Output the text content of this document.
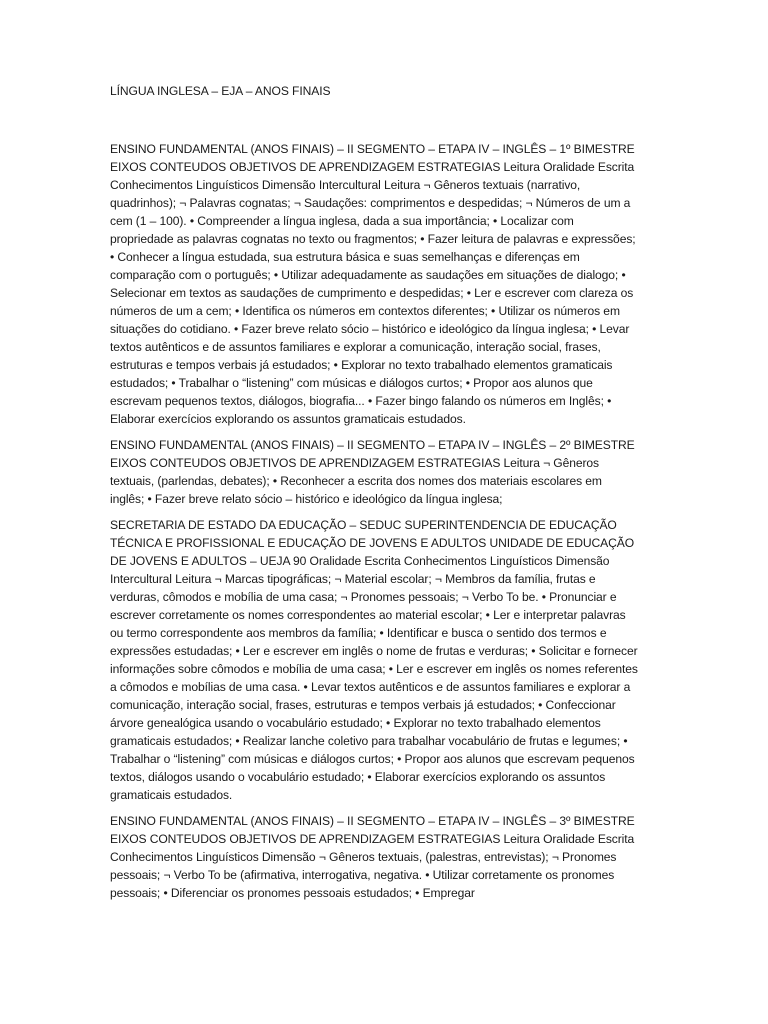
LÍNGUA INGLESA – EJA – ANOS FINAIS

ENSINO FUNDAMENTAL (ANOS FINAIS) – II SEGMENTO – ETAPA IV – INGLÊS – 1º BIMESTRE EIXOS CONTEUDOS OBJETIVOS DE APRENDIZAGEM ESTRATEGIAS Leitura Oralidade Escrita Conhecimentos Linguísticos Dimensão Intercultural Leitura ¬ Gêneros textuais (narrativo, quadrinhos); ¬ Palavras cognatas; ¬ Saudações: comprimentos e despedidas; ¬ Números de um a cem (1 – 100). • Compreender a língua inglesa, dada a sua importância; • Localizar com propriedade as palavras cognatas no texto ou fragmentos; • Fazer leitura de palavras e expressões; • Conhecer a língua estudada, sua estrutura básica e suas semelhanças e diferenças em comparação com o português; • Utilizar adequadamente as saudações em situações de dialogo; • Selecionar em textos as saudações de cumprimento e despedidas; • Ler e escrever com clareza os números de um a cem; • Identifica os números em contextos diferentes; • Utilizar os números em situações do cotidiano. • Fazer breve relato sócio – histórico e ideológico da língua inglesa; • Levar textos autênticos e de assuntos familiares e explorar a comunicação, interação social, frases, estruturas e tempos verbais já estudados; • Explorar no texto trabalhado elementos gramaticais estudados; • Trabalhar o “listening” com músicas e diálogos curtos; • Propor aos alunos que escrevam pequenos textos, diálogos, biografia... • Fazer bingo falando os números em Inglês; • Elaborar exercícios explorando os assuntos gramaticais estudados.

ENSINO FUNDAMENTAL (ANOS FINAIS) – II SEGMENTO – ETAPA IV – INGLÊS – 2º BIMESTRE EIXOS CONTEUDOS OBJETIVOS DE APRENDIZAGEM ESTRATEGIAS Leitura ¬ Gêneros textuais, (parlendas, debates); • Reconhecer a escrita dos nomes dos materiais escolares em inglês; • Fazer breve relato sócio – histórico e ideológico da língua inglesa;

SECRETARIA DE ESTADO DA EDUCAÇÃO – SEDUC SUPERINTENDENCIA DE EDUCAÇÃO TÉCNICA E PROFISSIONAL E EDUCAÇÃO DE JOVENS E ADULTOS UNIDADE DE EDUCAÇÃO DE JOVENS E ADULTOS – UEJA 90 Oralidade Escrita Conhecimentos Linguísticos Dimensão Intercultural Leitura ¬ Marcas tipográficas; ¬ Material escolar; ¬ Membros da família, frutas e verduras, cômodos e mobília de uma casa; ¬ Pronomes pessoais; ¬ Verbo To be. • Pronunciar e escrever corretamente os nomes correspondentes ao material escolar; • Ler e interpretar palavras ou termo correspondente aos membros da família; • Identificar e busca o sentido dos termos e expressões estudadas; • Ler e escrever em inglês o nome de frutas e verduras; • Solicitar e fornecer informações sobre cômodos e mobília de uma casa; • Ler e escrever em inglês os nomes referentes a cômodos e mobílias de uma casa. • Levar textos autênticos e de assuntos familiares e explorar a comunicação, interação social, frases, estruturas e tempos verbais já estudados; • Confeccionar árvore genealógica usando o vocabulário estudado; • Explorar no texto trabalhado elementos gramaticais estudados; • Realizar lanche coletivo para trabalhar vocabulário de frutas e legumes; • Trabalhar o “listening” com músicas e diálogos curtos; • Propor aos alunos que escrevam pequenos textos, diálogos usando o vocabulário estudado; • Elaborar exercícios explorando os assuntos gramaticais estudados.

ENSINO FUNDAMENTAL (ANOS FINAIS) – II SEGMENTO – ETAPA IV – INGLÊS – 3º BIMESTRE EIXOS CONTEUDOS OBJETIVOS DE APRENDIZAGEM ESTRATEGIAS Leitura Oralidade Escrita Conhecimentos Linguísticos Dimensão ¬ Gêneros textuais, (palestras, entrevistas); ¬ Pronomes pessoais; ¬ Verbo To be (afirmativa, interrogativa, negativa. • Utilizar corretamente os pronomes pessoais; • Diferenciar os pronomes pessoais estudados; • Empregar
